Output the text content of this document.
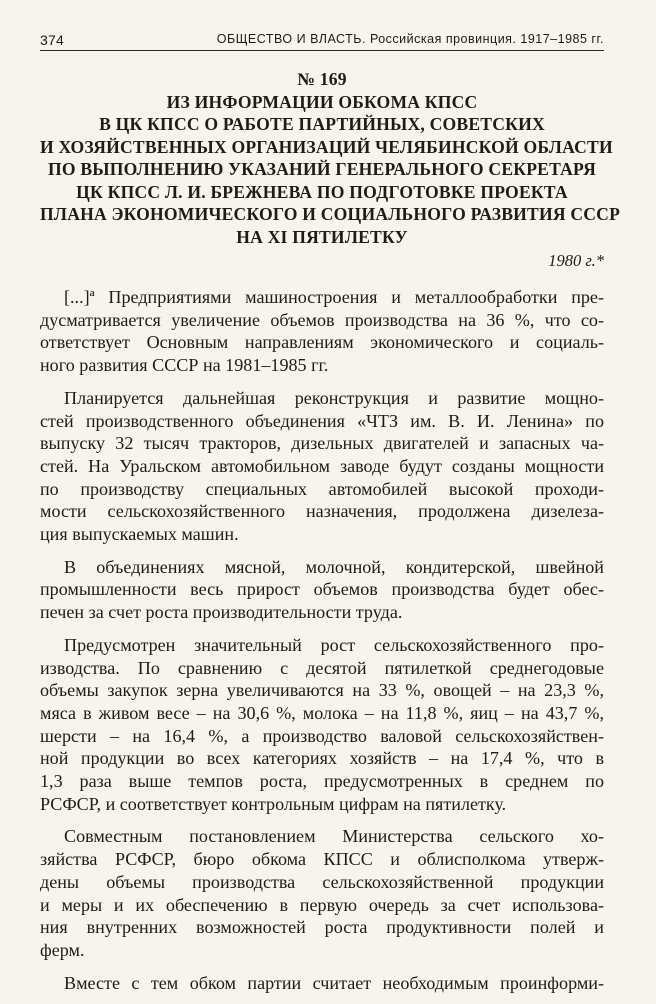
374	ОБЩЕСТВО И ВЛАСТЬ. Российская провинция. 1917–1985 гг.
№ 169
ИЗ ИНФОРМАЦИИ ОБКОМА КПСС
В ЦК КПСС О РАБОТЕ ПАРТИЙНЫХ, СОВЕТСКИХ
И ХОЗЯЙСТВЕННЫХ ОРГАНИЗАЦИЙ ЧЕЛЯБИНСКОЙ ОБЛАСТИ
ПО ВЫПОЛНЕНИЮ УКАЗАНИЙ ГЕНЕРАЛЬНОГО СЕКРЕТАРЯ
ЦК КПСС Л. И. БРЕЖНЕВА ПО ПОДГОТОВКЕ ПРОЕКТА
ПЛАНА ЭКОНОМИЧЕСКОГО И СОЦИАЛЬНОГО РАЗВИТИЯ СССР
НА XI ПЯТИЛЕТКУ
1980 г.*
[...]ª Предприятиями машиностроения и металлообработки пре-
дусматривается увеличение объемов производства на 36 %, что со-
ответствует Основным направлениям экономического и социаль-
ного развития СССР на 1981–1985 гг.
Планируется дальнейшая реконструкция и развитие мощно-
стей производственного объединения «ЧТЗ им. В. И. Ленина» по
выпуску 32 тысяч тракторов, дизельных двигателей и запасных ча-
стей. На Уральском автомобильном заводе будут созданы мощности
по производству специальных автомобилей высокой проходи-
мости сельскохозяйственного назначения, продолжена дизелеза-
ция выпускаемых машин.
В объединениях мясной, молочной, кондитерской, швейной
промышленности весь прирост объемов производства будет обес-
печен за счет роста производительности труда.
Предусмотрен значительный рост сельскохозяйственного про-
изводства. По сравнению с десятой пятилеткой среднегодовые
объемы закупок зерна увеличиваются на 33 %, овощей – на 23,3 %,
мяса в живом весе – на 30,6 %, молока – на 11,8 %, яиц – на 43,7 %,
шерсти – на 16,4 %, а производство валовой сельскохозяйствен-
ной продукции во всех категориях хозяйств – на 17,4 %, что в
1,3 раза выше темпов роста, предусмотренных в среднем по
РСФСР, и соответствует контрольным цифрам на пятилетку.
Совместным постановлением Министерства сельского хо-
зяйства РСФСР, бюро обкома КПСС и облисполкома утверж-
дены объемы производства сельскохозяйственной продукции
и меры и их обеспечению в первую очередь за счет использова-
ния внутренних возможностей роста продуктивности полей и
ферм.
Вместе с тем обком партии считает необходимым проинформи-
